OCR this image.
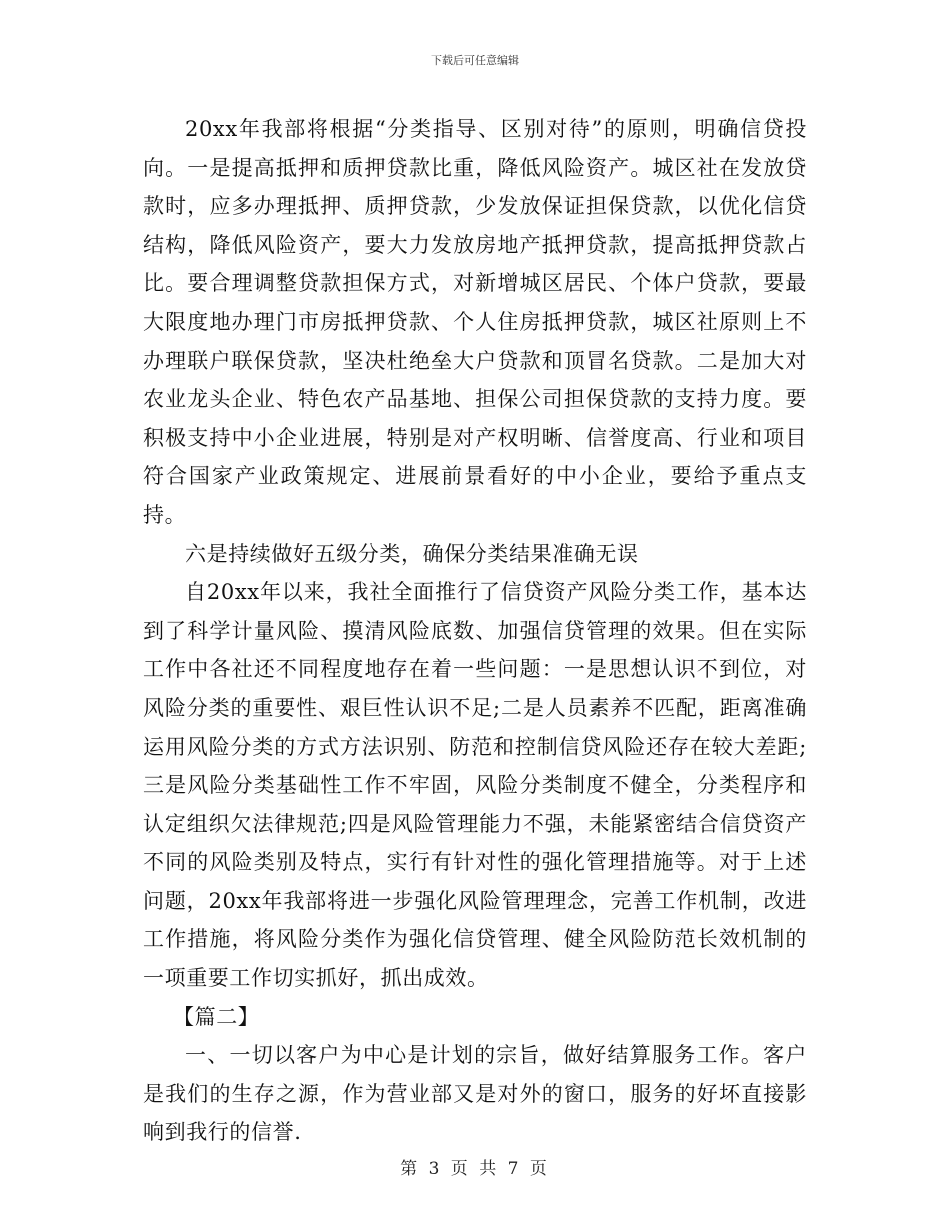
下载后可任意编辑

20xx年我部将根据“分类指导、区别对待”的原则，明确信贷投向。一是提高抵押和质押贷款比重，降低风险资产。城区社在发放贷款时，应多办理抵押、质押贷款，少发放保证担保贷款，以优化信贷结构，降低风险资产，要大力发放房地产抵押贷款，提高抵押贷款占比。要合理调整贷款担保方式，对新增城区居民、个体户贷款，要最大限度地办理门市房抵押贷款、个人住房抵押贷款，城区社原则上不办理联户联保贷款，坚决杜绝垒大户贷款和顶冒名贷款。二是加大对农业龙头企业、特色农产品基地、担保公司担保贷款的支持力度。要积极支持中小企业进展，特别是对产权明晰、信誉度高、行业和项目符合国家产业政策规定、进展前景看好的中小企业，要给予重点支持。

六是持续做好五级分类，确保分类结果准确无误

自20xx年以来，我社全面推行了信贷资产风险分类工作，基本达到了科学计量风险、摸清风险底数、加强信贷管理的效果。但在实际工作中各社还不同程度地存在着一些问题：一是思想认识不到位，对风险分类的重要性、艰巨性认识不足;二是人员素养不匹配，距离准确运用风险分类的方式方法识别、防范和控制信贷风险还存在较大差距;三是风险分类基础性工作不牢固，风险分类制度不健全，分类程序和认定组织欠法律规范;四是风险管理能力不强，未能紧密结合信贷资产不同的风险类别及特点，实行有针对性的强化管理措施等。对于上述问题，20xx年我部将进一步强化风险管理理念，完善工作机制，改进工作措施，将风险分类作为强化信贷管理、健全风险防范长效机制的一项重要工作切实抓好，抓出成效。

【篇二】

一、一切以客户为中心是计划的宗旨，做好结算服务工作。客户是我们的生存之源，作为营业部又是对外的窗口，服务的好坏直接影响到我行的信誉.

第 3 页 共 7 页
